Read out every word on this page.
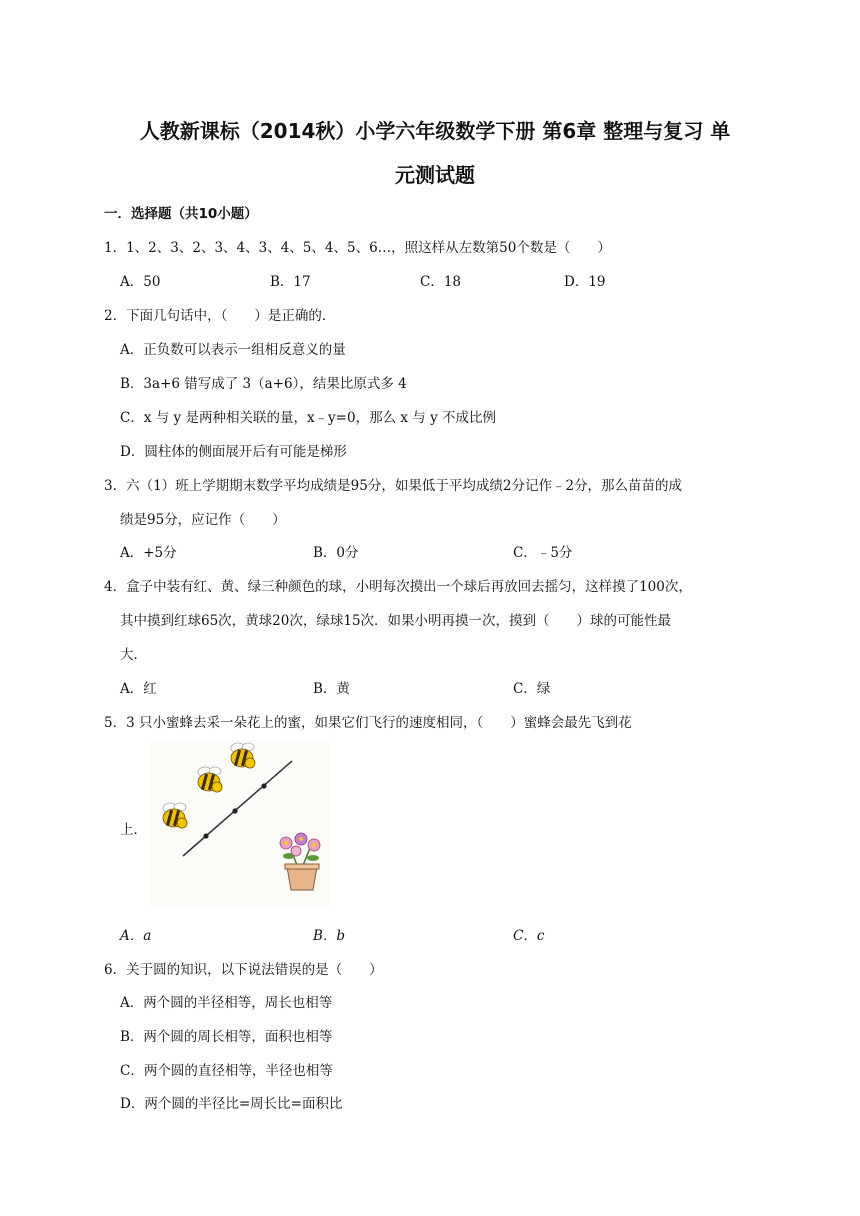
人教新课标（2014秋）小学六年级数学下册 第6章 整理与复习 单
元测试题
一．选择题（共10小题）
1．1、2、3、2、3、4、3、4、5、4、5、6…，照这样从左数第50个数是（　　）
A．50	B．17	C．18	D．19
2．下面几句话中，（　　）是正确的．
A．正负数可以表示一组相反意义的量
B．3a+6 错写成了 3（a+6），结果比原式多 4
C．x 与 y 是两种相关联的量，x﹣y=0，那么 x 与 y 不成比例
D．圆柱体的侧面展开后有可能是梯形
3．六（1）班上学期期末数学平均成绩是95分，如果低于平均成绩2分记作﹣2分，那么苗苗的成
绩是95分，应记作（　　）
A．+5分	B．0分	C．﹣5分
4．盒子中装有红、黄、绿三种颜色的球，小明每次摸出一个球后再放回去摇匀，这样摸了100次，
其中摸到红球65次，黄球20次，绿球15次．如果小明再摸一次，摸到（　　）球的可能性最
大．
A．红	B．黄	C．绿
5．3 只小蜜蜂去采一朵花上的蜜，如果它们飞行的速度相同，（　　）蜜蜂会最先飞到花
上．
A．a	B．b	C．c
6．关于圆的知识，以下说法错误的是（　　）
A．两个圆的半径相等，周长也相等
B．两个圆的周长相等，面积也相等
C．两个圆的直径相等，半径也相等
D．两个圆的半径比=周长比=面积比
